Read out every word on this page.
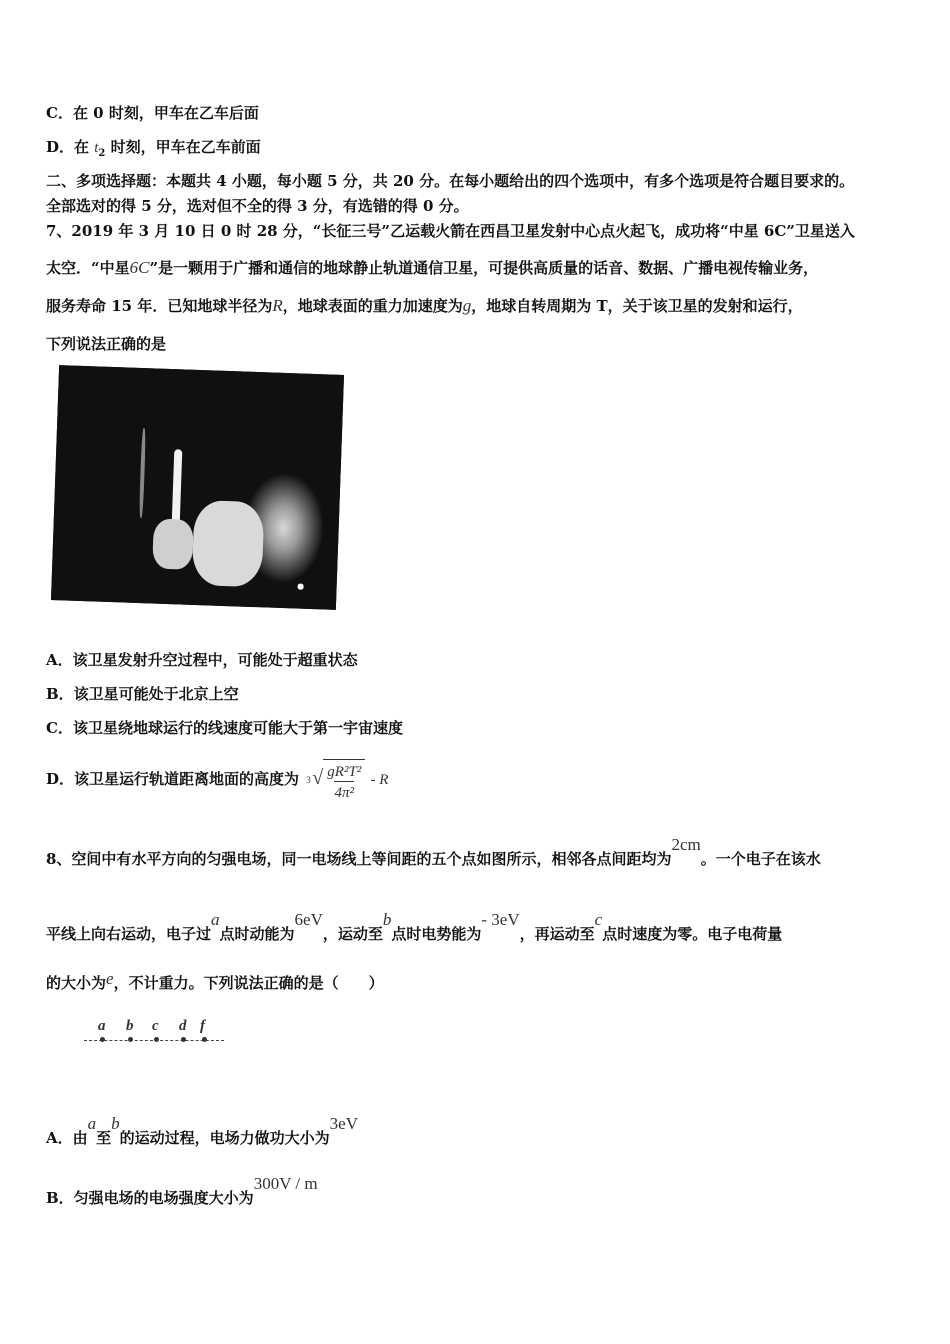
C．在 0 时刻，甲车在乙车后面
D．在 $t_2$ 时刻，甲车在乙车前面
二、多项选择题：本题共 4 小题，每小题 5 分，共 20 分。在每小题给出的四个选项中，有多个选项是符合题目要求的。
全部选对的得 5 分，选对但不全的得 3 分，有选错的得 0 分。
7、2019 年 3 月 10 日 0 时 28 分，“长征三号”乙运载火箭在西昌卫星发射中心点火起飞，成功将“中星 6C”卫星送入
太空．“中星6C”是一颗用于广播和通信的地球静止轨道通信卫星，可提供高质量的话音、数据、广播电视传输业务，
服务寿命 15 年．已知地球半径为R，地球表面的重力加速度为g，地球自转周期为 T，关于该卫星的发射和运行，
下列说法正确的是
A．该卫星发射升空过程中，可能处于超重状态
B．该卫星可能处于北京上空
C．该卫星绕地球运行的线速度可能大于第一宇宙速度
D．该卫星运行轨道距离地面的高度为 3 $√\frac{\text{gR²T²}}{\text{4π²}}$ - R
8、空间中有水平方向的匀强电场，同一电场线上等间距的五个点如图所示，相邻各点间距均为2cm。一个电子在该水
平线上向右运动，电子过a点时动能为6eV，运动至b点时电势能为- 3eV，再运动至c点时速度为零。电子电荷量
的大小为e，不计重力。下列说法正确的是（　　）
a b c d f
A．由a至b的运动过程，电场力做功大小为3eV
B．匀强电场的电场强度大小为300V / m
